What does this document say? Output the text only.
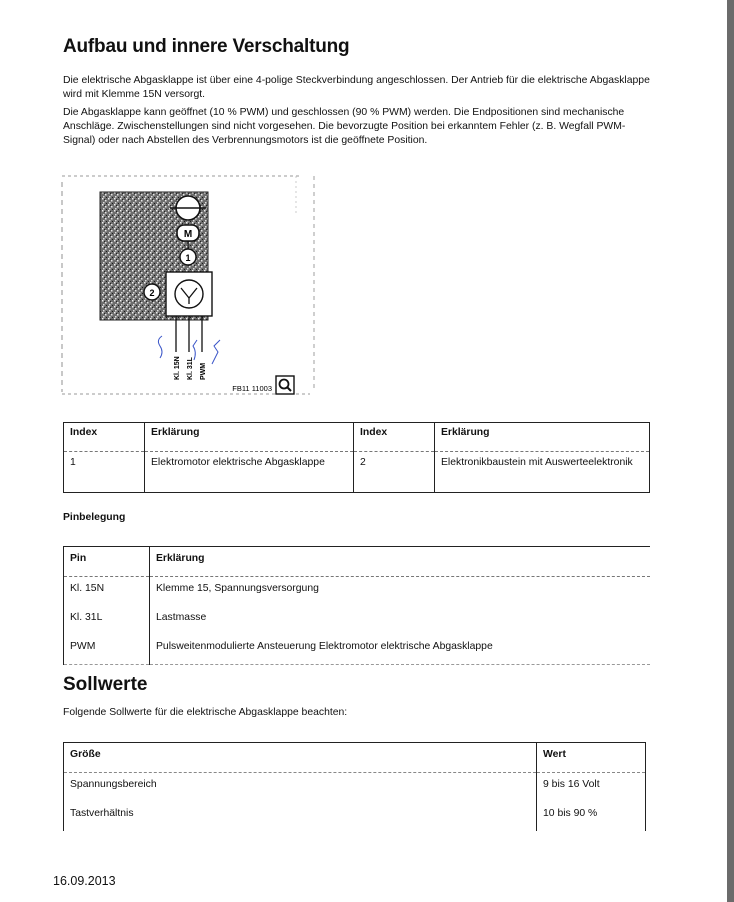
Aufbau und innere Verschaltung

Die elektrische Abgasklappe ist über eine 4-polige Steckverbindung angeschlossen. Der Antrieb für die elektrische Abgasklappe wird mit Klemme 15N versorgt.

Die Abgasklappe kann geöffnet (10 % PWM) und geschlossen (90 % PWM) werden. Die Endpositionen sind mechanische Anschläge. Zwischenstellungen sind nicht vorgesehen. Die bevorzugte Position bei erkanntem Fehler (z. B. Wegfall PWM-Signal) oder nach Abstellen des Verbrennungsmotors ist die geöffnete Position.

M
1
2
Kl. 15N Kl. 31L PWM
FB11 11003
Index	Erklärung	Index	Erklärung
1	Elektromotor elektrische Abgasklappe	2	Elektronikbaustein mit Auswerteelektronik
Pinbelegung
Pin	Erklärung
Kl. 15N	Klemme 15, Spannungsversorgung
Kl. 31L	Lastmasse
PWM	Pulsweitenmodulierte Ansteuerung Elektromotor elektrische Abgasklappe
Sollwerte

Folgende Sollwerte für die elektrische Abgasklappe beachten:

Größe	Wert
Spannungsbereich	9 bis 16 Volt
Tastverhältnis	10 bis 90 %
16.09.2013
